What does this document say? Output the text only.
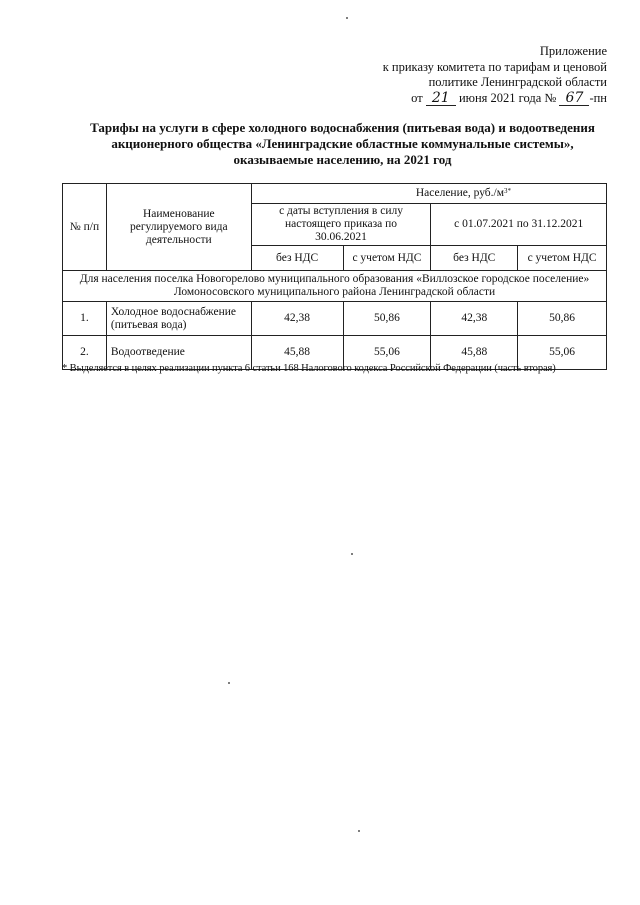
Приложение
к приказу комитета по тарифам и ценовой
политике Ленинградской области
от 21 июня 2021 года № 67 -пн
Тарифы на услуги в сфере холодного водоснабжения (питьевая вода) и водоотведения
акционерного общества «Ленинградские областные коммунальные системы»,
оказываемые населению, на 2021 год
№ п/п	Наименование регулируемого вида деятельности	Население, $руб./м^{3*}$
		с даты вступления в силу настоящего приказа по 30.06.2021		с 01.07.2021 по 31.12.2021	
		без НДС	с учетом НДС	без НДС	с учетом НДС
Для населения поселка Новогорелово муниципального образования «Виллозское городское поселение»
Ломоносовского муниципального района Ленинградской области					
1.	Холодное водоснабжение (питьевая вода)	42,38	50,86	42,38	50,86
2.	Водоотведение	45,88	55,06	45,88	55,06
* Выделяется в целях реализации пункта 6 статьи 168 Налогового кодекса Российской Федерации (часть вторая)
